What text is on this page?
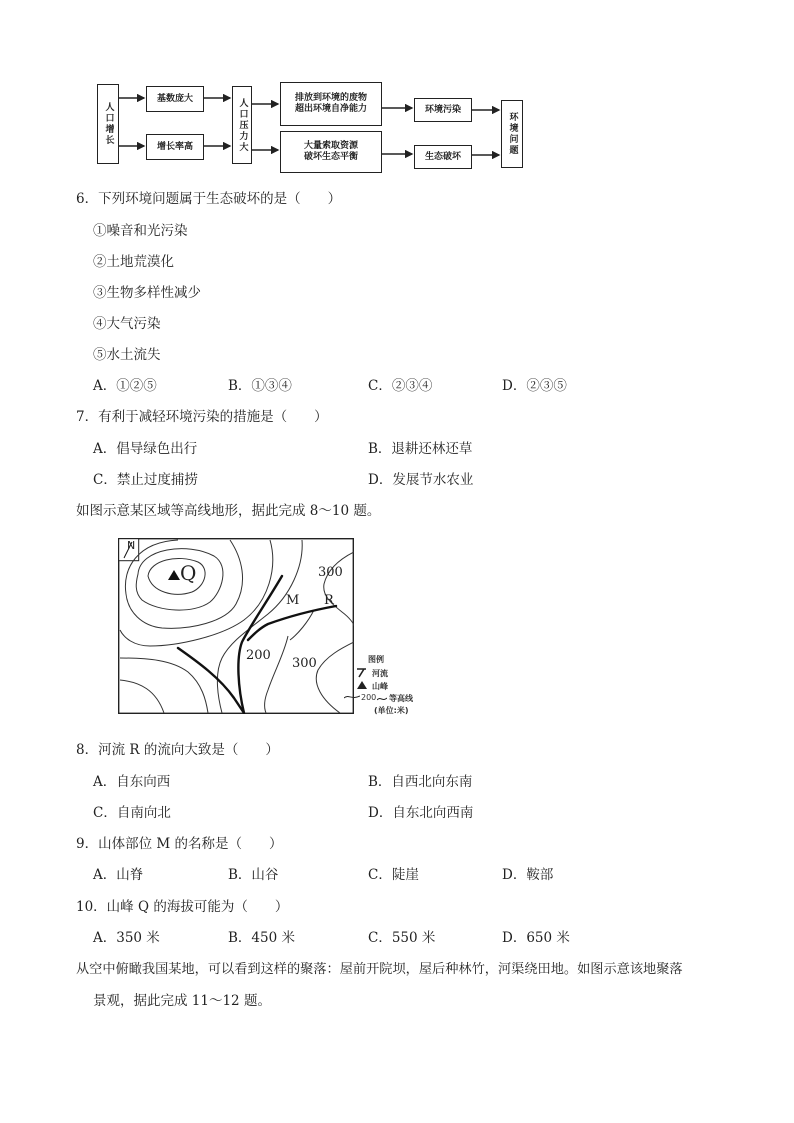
人口增长
基数庞大
增长率高	人口压力大	排放到环境的废物
超出环境自净能力
大量索取资源
破坏生态平衡
环境污染
生态破坏
环境问题
6．下列环境问题属于生态破坏的是（　　）
①噪音和光污染
②土地荒漠化
③生物多样性减少
④大气污染
⑤水土流失
A．①②⑤	B．①③④	C．②③④	D．②③⑤
7．有利于减轻环境污染的措施是（　　）
A．倡导绿色出行	B．退耕还林还草
C．禁止过度捕捞	D．发展节水农业
如图示意某区域等高线地形，据此完成 8～10 题。
N
Q	300
M R
200
300	图例
河流
山峰
200 等高线
(单位:米)
8．河流 R 的流向大致是（　　）
A．自东向西	B．自西北向东南
C．自南向北	D．自东北向西南
9．山体部位 M 的名称是（　　）
A．山脊	B．山谷	C．陡崖	D．鞍部
10．山峰 Q 的海拔可能为（　　）
A．350 米	B．450 米	C．550 米	D．650 米
从空中俯瞰我国某地，可以看到这样的聚落：屋前开院坝，屋后种林竹，河渠绕田地。如图示意该地聚落
景观，据此完成 11～12 题。
